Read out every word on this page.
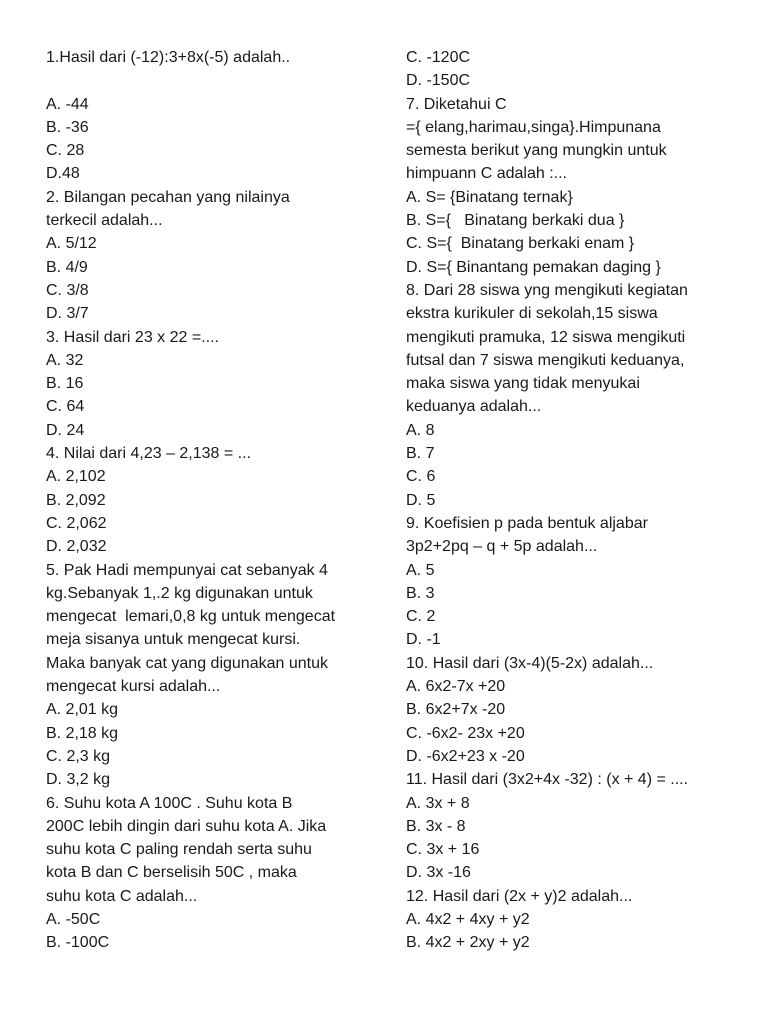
1.Hasil dari (-12):3+8x(-5) adalah..

A. -44

B. -36

C. 28

D.48

2. Bilangan pecahan yang nilainya

terkecil adalah...

A. 5/12

B. 4/9

C. 3/8

D. 3/7

3. Hasil dari 23 x 22 =....

A. 32

B. 16

C. 64

D. 24

4. Nilai dari 4,23 – 2,138 = ...

A. 2,102

B. 2,092

C. 2,062

D. 2,032

5. Pak Hadi mempunyai cat sebanyak 4

kg.Sebanyak 1,.2 kg digunakan untuk

mengecat  lemari,0,8 kg untuk mengecat

meja sisanya untuk mengecat kursi.

Maka banyak cat yang digunakan untuk

mengecat kursi adalah...

A. 2,01 kg

B. 2,18 kg

C. 2,3 kg

D. 3,2 kg

6. Suhu kota A 100C . Suhu kota B

200C lebih dingin dari suhu kota A. Jika

suhu kota C paling rendah serta suhu

kota B dan C berselisih 50C , maka

suhu kota C adalah...

A. -50C

B. -100C

C. -120C

D. -150C

7. Diketahui C

={ elang,harimau,singa}.Himpunana

semesta berikut yang mungkin untuk

himpuann C adalah :...

A. S= {Binatang ternak}

B. S={   Binatang berkaki dua }

C. S={  Binatang berkaki enam }

D. S={ Binantang pemakan daging }

8. Dari 28 siswa yng mengikuti kegiatan

ekstra kurikuler di sekolah,15 siswa

mengikuti pramuka, 12 siswa mengikuti

futsal dan 7 siswa mengikuti keduanya,

maka siswa yang tidak menyukai

keduanya adalah...

A. 8

B. 7

C. 6

D. 5

9. Koefisien p pada bentuk aljabar

3p2+2pq – q + 5p adalah...

A. 5

B. 3

C. 2

D. -1

10. Hasil dari (3x-4)(5-2x) adalah...

A. 6x2-7x +20

B. 6x2+7x -20

C. -6x2- 23x +20

D. -6x2+23 x -20

11. Hasil dari (3x2+4x -32) : (x + 4) = ....

A. 3x + 8

B. 3x - 8

C. 3x + 16

D. 3x -16

12. Hasil dari (2x + y)2 adalah...

A. 4x2 + 4xy + y2

B. 4x2 + 2xy + y2
